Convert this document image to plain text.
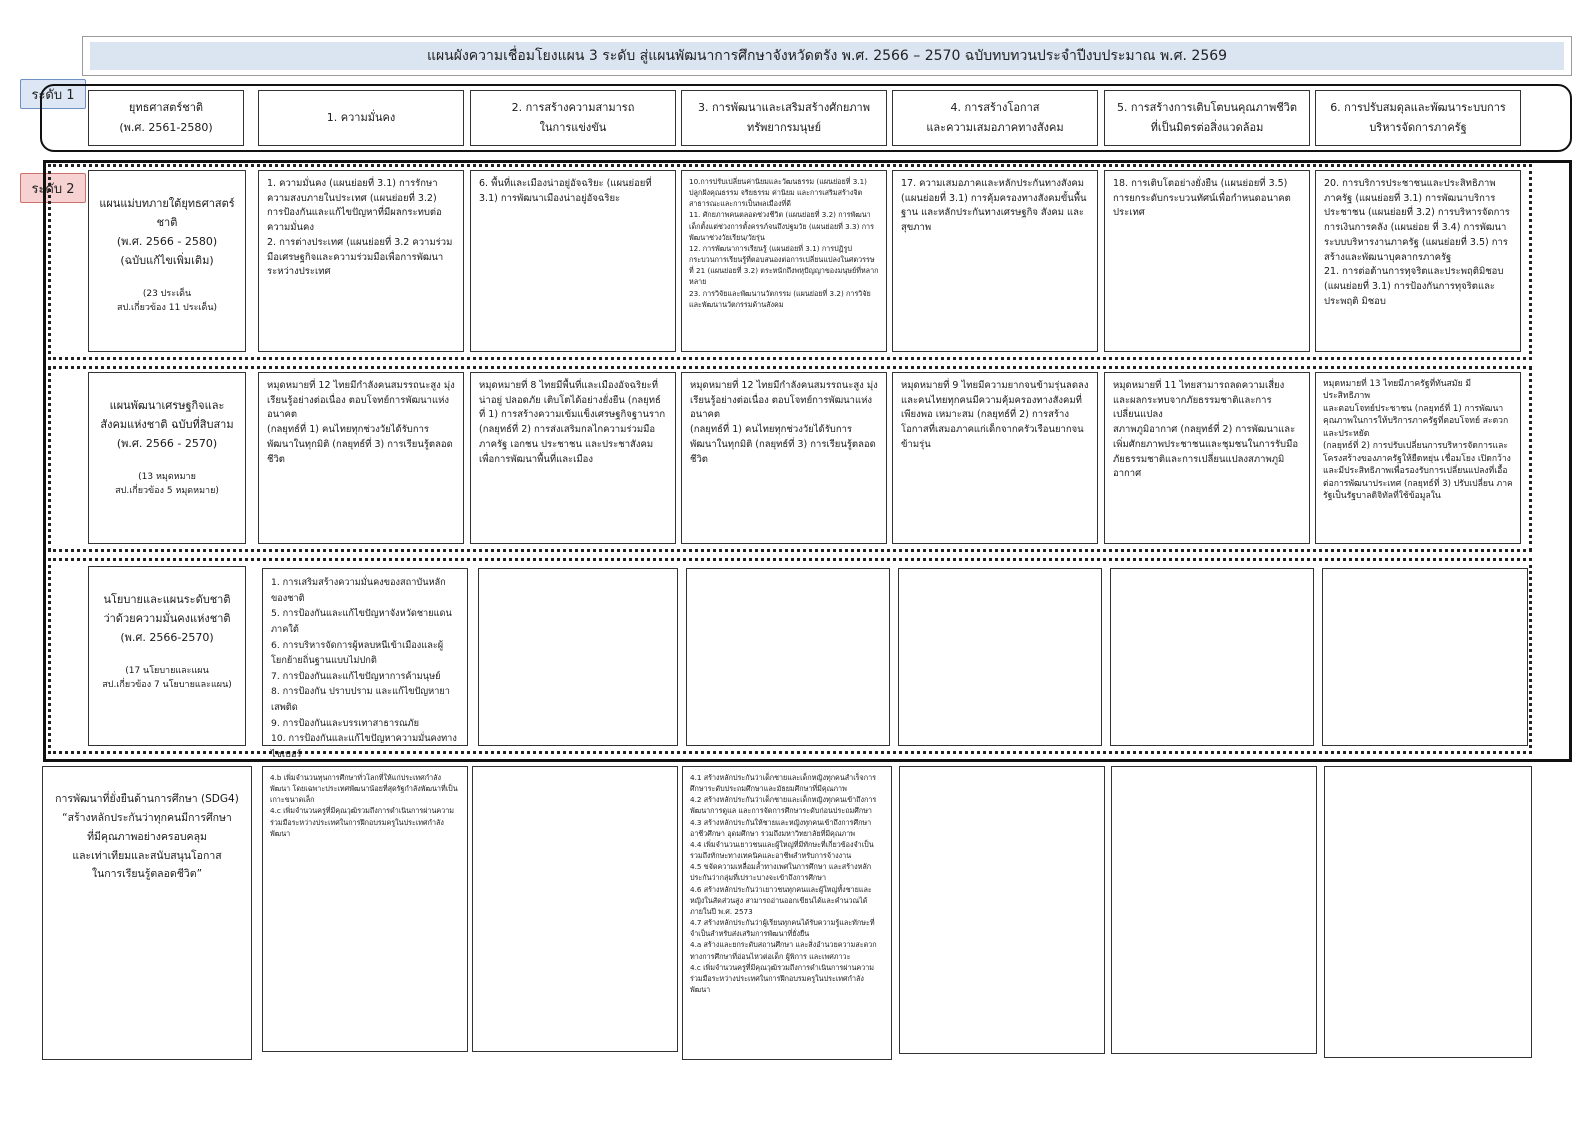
แผนผังความเชื่อมโยงแผน 3 ระดับ สู่แผนพัฒนาการศึกษาจังหวัดตรัง พ.ศ. 2566 – 2570 ฉบับทบทวนประจำปีงบประมาณ พ.ศ. 2569
ระดับ 1
ระดับ 2
ยุทธศาสตร์ชาติ
(พ.ศ. 2561-2580)
1. ความมั่นคง
2. การสร้างความสามารถ
ในการแข่งขัน
3. การพัฒนาและเสริมสร้างศักยภาพ
ทรัพยากรมนุษย์
4. การสร้างโอกาส
และความเสมอภาคทางสังคม
5. การสร้างการเติบโตบนคุณภาพชีวิต
ที่เป็นมิตรต่อสิ่งแวดล้อม
6. การปรับสมดุลและพัฒนาระบบการ
บริหารจัดการภาครัฐ

แผนแม่บทภายใต้ยุทธศาสตร์ชาติ
(พ.ศ. 2566 - 2580)
(ฉบับแก้ไขเพิ่มเติม)

(23 ประเด็น
สป.เกี่ยวข้อง 11 ประเด็น)

1. ความมั่นคง (แผนย่อยที่ 3.1) การรักษาความสงบภายในประเทศ (แผนย่อยที่ 3.2) การป้องกันและแก้ไขปัญหาที่มีผลกระทบต่อความมั่นคง
2. การต่างประเทศ (แผนย่อยที่ 3.2 ความร่วมมือเศรษฐกิจและความร่วมมือเพื่อการพัฒนาระหว่างประเทศ

6. พื้นที่และเมืองน่าอยู่อัจฉริยะ (แผนย่อยที่ 3.1) การพัฒนาเมืองน่าอยู่อัจฉริยะ

10.การปรับเปลี่ยนค่านิยมและวัฒนธรรม (แผนย่อยที่ 3.1) ปลูกฝังคุณธรรม จริยธรรม ค่านิยม และการเสริมสร้างจิตสาธารณะและการเป็นพลเมืองที่ดี
11. ศักยภาพคนตลอดช่วงชีวิต (แผนย่อยที่ 3.2) การพัฒนาเด็กตั้งแต่ช่วงการตั้งครรภ์จนถึงปฐมวัย (แผนย่อยที่ 3.3) การพัฒนาช่วงวัยเรียน/วัยรุ่น
12. การพัฒนาการเรียนรู้ (แผนย่อยที่ 3.1) การปฏิรูปกระบวนการเรียนรู้ที่ตอบสนองต่อการเปลี่ยนแปลงในศตวรรษที่ 21 (แผนย่อยที่ 3.2) ตระหนักถึงพหุปัญญาของมนุษย์ที่หลากหลาย
23. การวิจัยและพัฒนานวัตกรรม (แผนย่อยที่ 3.2) การวิจัยและพัฒนานวัตกรรมด้านสังคม

17. ความเสมอภาคและหลักประกันทางสังคม (แผนย่อยที่ 3.1) การคุ้มครองทางสังคมขั้นพื้นฐาน และหลักประกันทางเศรษฐกิจ สังคม และสุขภาพ

18. การเติบโตอย่างยั่งยืน (แผนย่อยที่ 3.5) การยกระดับกระบวนทัศน์เพื่อกำหนดอนาคตประเทศ

20. การบริการประชาชนและประสิทธิภาพภาครัฐ (แผนย่อยที่ 3.1) การพัฒนาบริการประชาชน (แผนย่อยที่ 3.2) การบริหารจัดการการเงินการคลัง (แผนย่อย ที่ 3.4) การพัฒนาระบบบริหารงานภาครัฐ (แผนย่อยที่ 3.5) การสร้างและพัฒนาบุคลากรภาครัฐ
21. การต่อต้านการทุจริตและประพฤติมิชอบ (แผนย่อยที่ 3.1) การป้องกันการทุจริตและประพฤติ มิชอบ

แผนพัฒนาเศรษฐกิจและ
สังคมแห่งชาติ ฉบับที่สิบสาม
(พ.ศ. 2566 - 2570)

(13 หมุดหมาย
สป.เกี่ยวข้อง 5 หมุดหมาย)

หมุดหมายที่ 12 ไทยมีกำลังคนสมรรถนะสูง มุ่งเรียนรู้อย่างต่อเนื่อง ตอบโจทย์การพัฒนาแห่งอนาคต
(กลยุทธ์ที่ 1) คนไทยทุกช่วงวัยได้รับการพัฒนาในทุกมิติ (กลยุทธ์ที่ 3) การเรียนรู้ตลอดชีวิต

หมุดหมายที่ 8 ไทยมีพื้นที่และเมืองอัจฉริยะที่น่าอยู่ ปลอดภัย เติบโตได้อย่างยั่งยืน (กลยุทธ์ที่ 1) การสร้างความเข้มแข็งเศรษฐกิจฐานราก (กลยุทธ์ที่ 2) การส่งเสริมกลไกความร่วมมือภาครัฐ เอกชน ประชาชน และประชาสังคมเพื่อการพัฒนาพื้นที่และเมือง

หมุดหมายที่ 12 ไทยมีกำลังคนสมรรถนะสูง มุ่งเรียนรู้อย่างต่อเนื่อง ตอบโจทย์การพัฒนาแห่งอนาคต
(กลยุทธ์ที่ 1) คนไทยทุกช่วงวัยได้รับการพัฒนาในทุกมิติ (กลยุทธ์ที่ 3) การเรียนรู้ตลอดชีวิต

หมุดหมายที่ 9 ไทยมีความยากจนข้ามรุ่นลดลงและคนไทยทุกคนมีความคุ้มครองทางสังคมที่เพียงพอ เหมาะสม (กลยุทธ์ที่ 2) การสร้างโอกาสที่เสมอภาคแก่เด็กจากครัวเรือนยากจนข้ามรุ่น

หมุดหมายที่ 11 ไทยสามารถลดความเสี่ยงและผลกระทบจากภัยธรรมชาติและการเปลี่ยนแปลง
สภาพภูมิอากาศ (กลยุทธ์ที่ 2) การพัฒนาและเพิ่มศักยภาพประชาชนและชุมชนในการรับมือ
ภัยธรรมชาติและการเปลี่ยนแปลงสภาพภูมิอากาศ

หมุดหมายที่ 13 ไทยมีภาครัฐที่ทันสมัย มีประสิทธิภาพ
และตอบโจทย์ประชาชน (กลยุทธ์ที่ 1) การพัฒนาคุณภาพในการให้บริการภาครัฐที่ตอบโจทย์ สะดวกและประหยัด
(กลยุทธ์ที่ 2) การปรับเปลี่ยนการบริหารจัดการและโครงสร้างของภาครัฐให้ยืดหยุ่น เชื่อมโยง เปิดกว้าง
และมีประสิทธิภาพเพื่อรองรับการเปลี่ยนแปลงที่เอื้อต่อการพัฒนาประเทศ (กลยุทธ์ที่ 3) ปรับเปลี่ยน ภาครัฐเป็นรัฐบาลดิจิทัลที่ใช้ข้อมูลใน

นโยบายและแผนระดับชาติ
ว่าด้วยความมั่นคงแห่งชาติ
(พ.ศ. 2566-2570)

(17 นโยบายและแผน
สป.เกี่ยวข้อง 7 นโยบายและแผน)

1. การเสริมสร้างความมั่นคงของสถาบันหลักของชาติ
5. การป้องกันและแก้ไขปัญหาจังหวัดชายแดนภาคใต้
6. การบริหารจัดการผู้หลบหนีเข้าเมืองและผู้โยกย้ายถิ่นฐานแบบไม่ปกติ
7. การป้องกันและแก้ไขปัญหาการค้ามนุษย์
8. การป้องกัน ปราบปราม และแก้ไขปัญหายาเสพติด
9. การป้องกันและบรรเทาสาธารณภัย
10. การป้องกันและแก้ไขปัญหาความมั่นคงทางไซเบอร์

การพัฒนาที่ยั่งยืนด้านการศึกษา (SDG4)
“สร้างหลักประกันว่าทุกคนมีการศึกษา
ที่มีคุณภาพอย่างครอบคลุม
และเท่าเทียมและสนับสนุนโอกาส
ในการเรียนรู้ตลอดชีวิต”

4.b เพิ่มจำนวนทุนการศึกษาทั่วโลกที่ให้แก่ประเทศกำลังพัฒนา โดยเฉพาะประเทศพัฒนาน้อยที่สุดรัฐกำลังพัฒนาที่เป็นเกาะขนาดเล็ก
4.c เพิ่มจำนวนครูที่มีคุณวุฒิรวมถึงการดำเนินการผ่านความร่วมมือระหว่างประเทศในการฝึกอบรมครูในประเทศกำลังพัฒนา

4.1 สร้างหลักประกันว่าเด็กชายและเด็กหญิงทุกคนสำเร็จการศึกษาระดับประถมศึกษาและมัธยมศึกษาที่มีคุณภาพ
4.2 สร้างหลักประกันว่าเด็กชายและเด็กหญิงทุกคนเข้าถึงการพัฒนาการดูแล และการจัดการศึกษาระดับก่อนประถมศึกษา
4.3 สร้างหลักประกันให้ชายและหญิงทุกคนเข้าถึงการศึกษาอาชีวศึกษา อุดมศึกษา รวมถึงมหาวิทยาลัยที่มีคุณภาพ
4.4 เพิ่มจำนวนเยาวชนและผู้ใหญ่ที่มีทักษะที่เกี่ยวข้องจำเป็น รวมถึงทักษะทางเทคนิคและอาชีพสำหรับการจ้างงาน
4.5 ขจัดความเหลื่อมล้ำทางเพศในการศึกษา และสร้างหลักประกันว่ากลุ่มที่เปราะบางจะเข้าถึงการศึกษา
4.6 สร้างหลักประกันว่าเยาวชนทุกคนและผู้ใหญ่ทั้งชายและหญิงในสัดส่วนสูง สามารถอ่านออกเขียนได้และคำนวณได้ภายในปี พ.ศ. 2573
4.7 สร้างหลักประกันว่าผู้เรียนทุกคนได้รับความรู้และทักษะที่จำเป็นสำหรับส่งเสริมการพัฒนาที่ยั่งยืน
4.a สร้างและยกระดับสถานศึกษา และสิ่งอำนวยความสะดวกทางการศึกษาที่อ่อนไหวต่อเด็ก ผู้พิการ และเพศภาวะ
4.c เพิ่มจำนวนครูที่มีคุณวุฒิรวมถึงการดำเนินการผ่านความร่วมมือระหว่างประเทศในการฝึกอบรมครูในประเทศกำลังพัฒนา
